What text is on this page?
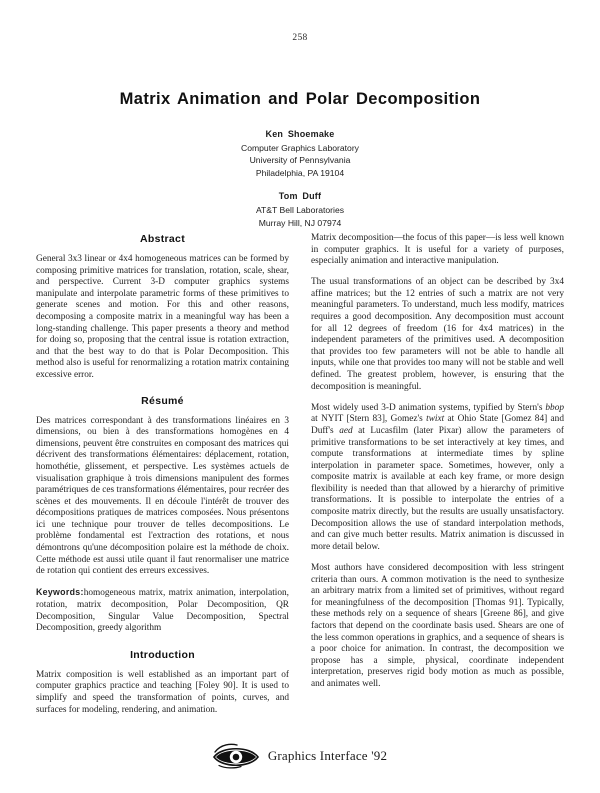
258
Matrix Animation and Polar Decomposition
Ken Shoemake
Computer Graphics Laboratory
University of Pennsylvania
Philadelphia, PA 19104
Tom Duff
AT&T Bell Laboratories
Murray Hill, NJ 07974
Abstract

General 3x3 linear or 4x4 homogeneous matrices can be formed by composing primitive matrices for translation, rotation, scale, shear, and perspective. Current 3-D computer graphics systems manipulate and interpolate parametric forms of these primitives to generate scenes and motion. For this and other reasons, decomposing a composite matrix in a meaningful way has been a long-standing challenge. This paper presents a theory and method for doing so, proposing that the central issue is rotation extraction, and that the best way to do that is Polar Decomposition. This method also is useful for renormalizing a rotation matrix containing excessive error.

Résumé

Des matrices correspondant à des transformations linéaires en 3 dimensions, ou bien à des transformations homogènes en 4 dimensions, peuvent être construites en composant des matrices qui décrivent des transformations élémentaires: déplacement, rotation, homothétie, glissement, et perspective. Les systèmes actuels de visualisation graphique à trois dimensions manipulent des formes paramétriques de ces transformations élémentaires, pour recréer des scènes et des mouvements. Il en découle l'intérêt de trouver des décompositions pratiques de matrices composées. Nous présentons ici une technique pour trouver de telles decompositions. Le problème fondamental est l'extraction des rotations, et nous démontrons qu'une décomposition polaire est la méthode de choix. Cette méthode est aussi utile quant il faut renormaliser une matrice de rotation qui contient des erreurs excessives.

Keywords:homogeneous matrix, matrix animation, interpolation, rotation, matrix decomposition, Polar Decomposition, QR Decomposition, Singular Value Decomposition, Spectral Decomposition, greedy algorithm

Introduction

Matrix composition is well established as an important part of computer graphics practice and teaching [Foley 90]. It is used to simplify and speed the transformation of points, curves, and surfaces for modeling, rendering, and animation.

Matrix decomposition—the focus of this paper—is less well known in computer graphics. It is useful for a variety of purposes, especially animation and interactive manipulation.

The usual transformations of an object can be described by 3x4 affine matrices; but the 12 entries of such a matrix are not very meaningful parameters. To understand, much less modify, matrices requires a good decomposition. Any decomposition must account for all 12 degrees of freedom (16 for 4x4 matrices) in the independent parameters of the primitives used. A decomposition that provides too few parameters will not be able to handle all inputs, while one that provides too many will not be stable and well defined. The greatest problem, however, is ensuring that the decomposition is meaningful.

Most widely used 3-D animation systems, typified by Stern's bbop at NYIT [Stern 83], Gomez's twixt at Ohio State [Gomez 84] and Duff's aed at Lucasfilm (later Pixar) allow the parameters of primitive transformations to be set interactively at key times, and compute transformations at intermediate times by spline interpolation in parameter space. Sometimes, however, only a composite matrix is available at each key frame, or more design flexibility is needed than that allowed by a hierarchy of primitive transformations. It is possible to interpolate the entries of a composite matrix directly, but the results are usually unsatisfactory. Decomposition allows the use of standard interpolation methods, and can give much better results. Matrix animation is discussed in more detail below.

Most authors have considered decomposition with less stringent criteria than ours. A common motivation is the need to synthesize an arbitrary matrix from a limited set of primitives, without regard for meaningfulness of the decomposition [Thomas 91]. Typically, these methods rely on a sequence of shears [Greene 86], and give factors that depend on the coordinate basis used. Shears are one of the less common operations in graphics, and a sequence of shears is a poor choice for animation. In contrast, the decomposition we propose has a simple, physical, coordinate independent interpretation, preserves rigid body motion as much as possible, and animates well.

Graphics Interface '92
